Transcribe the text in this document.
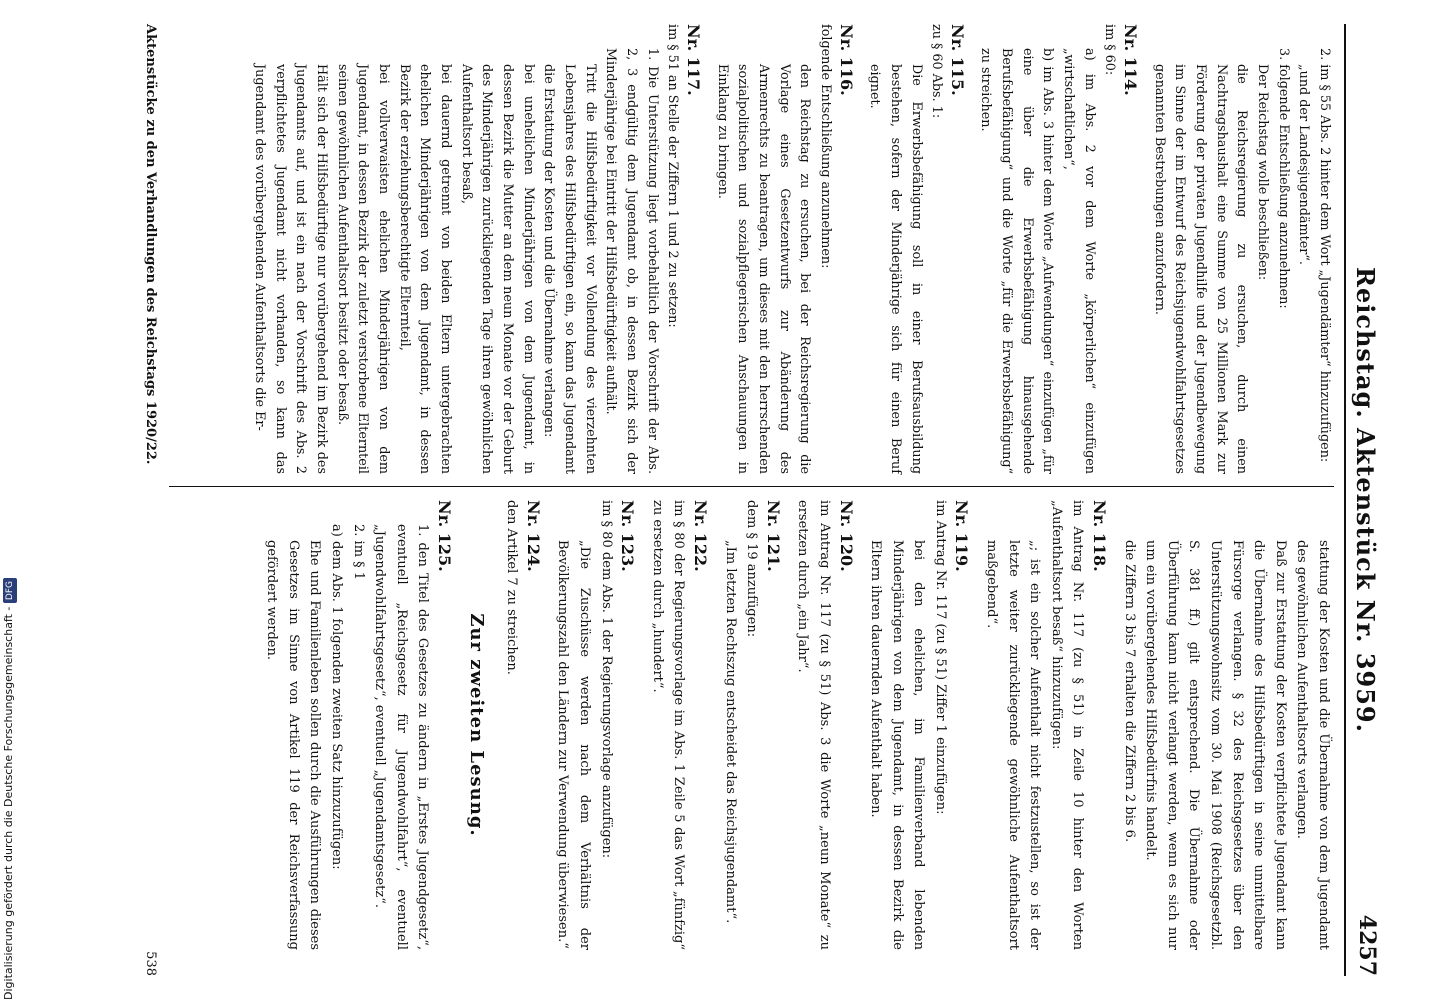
Reichstag. Aktenstück Nr. 3959.
4257

2. im § 55 Abs. 2 hinter dem Wort „Jugendämter“ hinzuzufügen:

„und der Landesjugendämter“.

3. folgende Entschließung anzunehmen:

Der Reichstag wolle beschließen:

die Reichsregierung zu ersuchen, durch einen Nachtragshaushalt eine Summe von 25 Millionen Mark zur Förderung der privaten Jugendhilfe und der Jugendbewegung im Sinne der im Entwurf des Reichsjugendwohlfahrtsgesetzes genannten Bestrebungen anzufordern.

Nr. 114.

im § 60:

a) im Abs. 2 vor dem Worte „körperlichen“ einzufügen „wirtschaftlichen“,

b) im Abs. 3 hinter dem Worte „Aufwendungen“ einzufügen „für eine über die Erwerbsbefähigung hinausgehende Berufsbefähigung“ und die Worte „für die Erwerbsbefähigung“ zu streichen.

Nr. 115.

zu § 60 Abs. 1:

Die Erwerbsbefähigung soll in einer Berufsausbildung bestehen, sofern der Minderjährige sich für einen Beruf eignet.

Nr. 116.

folgende Entschließung anzunehmen:

den Reichstag zu ersuchen, bei der Reichsregierung die Vorlage eines Gesetzentwurfs zur Abänderung des Armenrechts zu beantragen, um dieses mit den herrschenden sozialpolitischen und sozialpflegerischen Anschauungen in Einklang zu bringen.

Nr. 117.

im § 51 an Stelle der Ziffern 1 und 2 zu setzen:

1. Die Unterstützung liegt vorbehaltlich der Vorschrift der Abs. 2, 3 endgültig dem Jugendamt ob, in dessen Bezirk sich der Minderjährige bei Eintritt der Hilfsbedürftigkeit aufhält.

Tritt die Hilfsbedürftigkeit vor Vollendung des vierzehnten Lebensjahres des Hilfsbedürftigen ein, so kann das Jugendamt die Erstattung der Kosten und die Übernahme verlangen:

bei unehelichen Minderjährigen von dem Jugendamt, in dessen Bezirk die Mutter an dem neun Monate vor der Geburt des Minderjährigen zurückliegenden Tage ihren gewöhnlichen Aufenthaltsort besaß,

bei dauernd getrennt von beiden Eltern untergebrachten ehelichen Minderjährigen von dem Jugendamt, in dessen Bezirk der erziehungsberechtigte Elternteil,

bei vollverwaisten ehelichen Minderjährigen von dem Jugendamt, in dessen Bezirk der zuletzt verstorbene Elternteil seinen gewöhnlichen Aufenthaltsort besitzt oder besaß.

Hält sich der Hilfsbedürftige nur vorübergehend im Bezirk des Jugendamts auf, und ist ein nach der Vorschrift des Abs. 2 verpflichtetes Jugendamt nicht vorhanden, so kann das Jugendamt des vorübergehenden Aufenthaltsorts die Er-

stattung der Kosten und die Übernahme von dem Jugendamt des gewöhnlichen Aufenthaltsorts verlangen.

Daß zur Erstattung der Kosten verpflichtete Jugendamt kann die Übernahme des Hilfsbedürftigen in seine unmittelbare Fürsorge verlangen. § 32 des Reichsgesetzes über den Unterstützungswohnsitz vom 30. Mai 1908 (Reichsgesetzbl. S. 381 ff.) gilt entsprechend. Die Übernahme oder Überführung kann nicht verlangt werden, wenn es sich nur um ein vorübergehendes Hilfsbedürfnis handelt.

die Ziffern 3 bis 7 erhalten die Ziffern 2 bis 6.

Nr. 118.

im Antrag Nr. 117 (zu § 51) in Zeile 10 hinter den Worten „Aufenthaltsort besaß“ hinzuzufügen:

„; ist ein solcher Aufenthalt nicht festzustellen, so ist der letzte weiter zurückliegende gewöhnliche Aufenthaltsort maßgebend“.

Nr. 119.

im Antrag Nr. 117 (zu § 51) Ziffer 1 einzufügen:

bei den ehelichen, im Familienverband lebenden Minderjährigen von dem Jugendamt, in dessen Bezirk die Eltern ihren dauernden Aufenthalt haben.

Nr. 120.

im Antrag Nr. 117 (zu § 51) Abs. 3 die Worte „neun Monate“ zu ersetzen durch „ein Jahr“.

Nr. 121.

dem § 19 anzufügen:

„Im letzten Rechtszug entscheidet das Reichsjugendamt“.

Nr. 122.

im § 80 der Regierungsvorlage im Abs. 1 Zeile 5 das Wort „fünfzig“ zu ersetzen durch „hundert“.

Nr. 123.

im § 80 dem Abs. 1 der Regierungsvorlage anzufügen:

„Die Zuschüsse werden nach dem Verhältnis der Bevölkerungszahl den Ländern zur Verwendung überwiesen.“

Nr. 124.

den Artikel 7 zu streichen.

Zur zweiten Lesung.

Nr. 125.

1. den Titel des Gesetzes zu ändern in „Erstes Jugendgesetz“, eventuell „Reichsgesetz für Jugendwohlfahrt“, eventuell „Jugendwohlfahrtsgesetz“, eventuell „Jugendamtsgesetz“.

2. im § 1

a) dem Abs. 1 folgenden zweiten Satz hinzuzufügen:

Ehe und Familienleben sollen durch die Ausführungen dieses Gesetzes im Sinne von Artikel 119 der Reichsverfassung gefördert werden.

Aktenstücke zu den Verhandlungen des Reichstags 1920/22.
538
Digitalisierung gefördert durch die Deutsche Forschungsgemeinschaft - DFG
